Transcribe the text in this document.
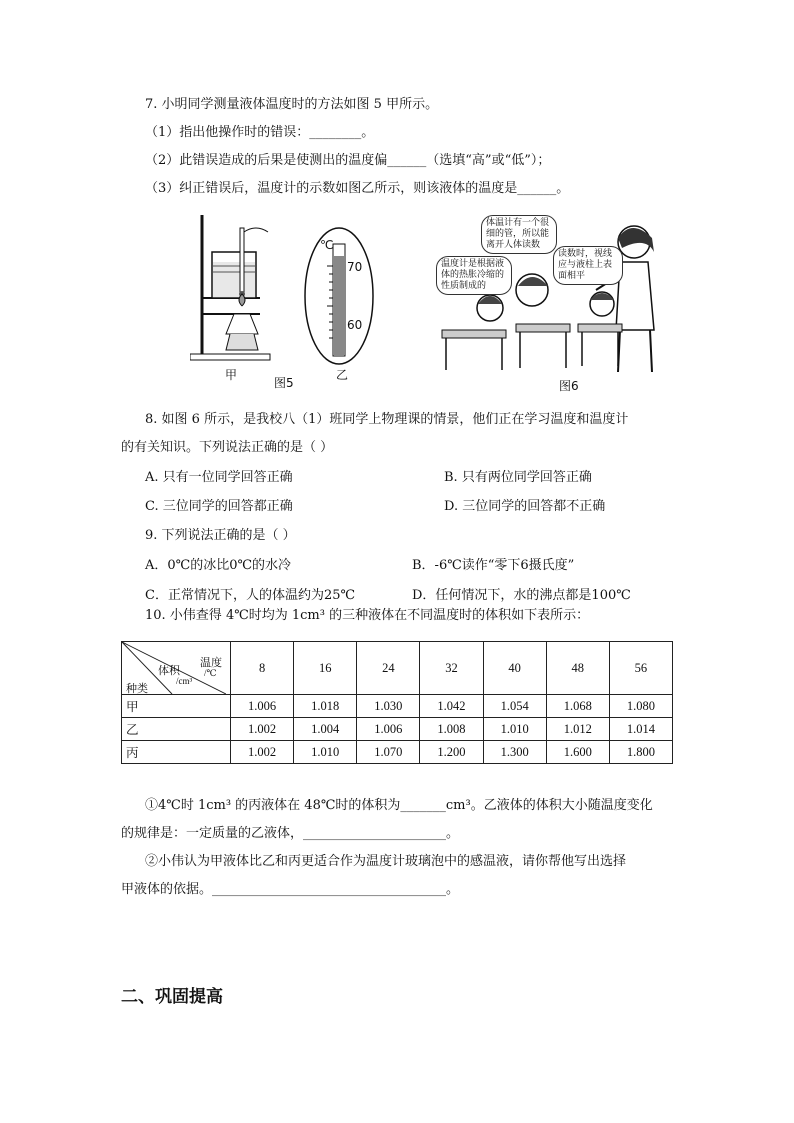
7. 小明同学测量液体温度时的方法如图 5 甲所示。
（1）指出他操作时的错误：________。
（2）此错误造成的后果是使测出的温度偏______（选填“高”或“低”）；
（3）纠正错误后，温度计的示数如图乙所示，则该液体的温度是______。
甲
图5
℃
70
60
乙
体温计有一个很细的管，所以能离开人体读数
温度计是根据液体的热胀冷缩的性质制成的
读数时，视线应与液柱上表面相平
图6
8. 如图 6 所示，是我校八（1）班同学上物理课的情景，他们正在学习温度和温度计
的有关知识。下列说法正确的是（ ）
A. 只有一位同学回答正确	B. 只有两位同学回答正确
C. 三位同学的回答都正确	D. 三位同学的回答都不正确
9. 下列说法正确的是（ ）
A．0℃的冰比0℃的水冷	B．-6℃读作“零下6摄氏度”
C．正常情况下，人的体温约为25℃	D．任何情况下，水的沸点都是100℃
10. 小伟查得 4℃时均为 1cm³ 的三种液体在不同温度时的体积如下表所示：
温度
/℃
体积
/cm³
种类	8	16	24	32	40	48	56
甲	1.006	1.018	1.030	1.042	1.054	1.068	1.080
乙	1.002	1.004	1.006	1.008	1.010	1.012	1.014
丙	1.002	1.010	1.070	1.200	1.300	1.600	1.800
①4℃时 1cm³ 的丙液体在 48℃时的体积为_______cm³。乙液体的体积大小随温度变化
的规律是：一定质量的乙液体，______________________。
②小伟认为甲液体比乙和丙更适合作为温度计玻璃泡中的感温液，请你帮他写出选择
甲液体的依据。____________________________________。
二、巩固提高
